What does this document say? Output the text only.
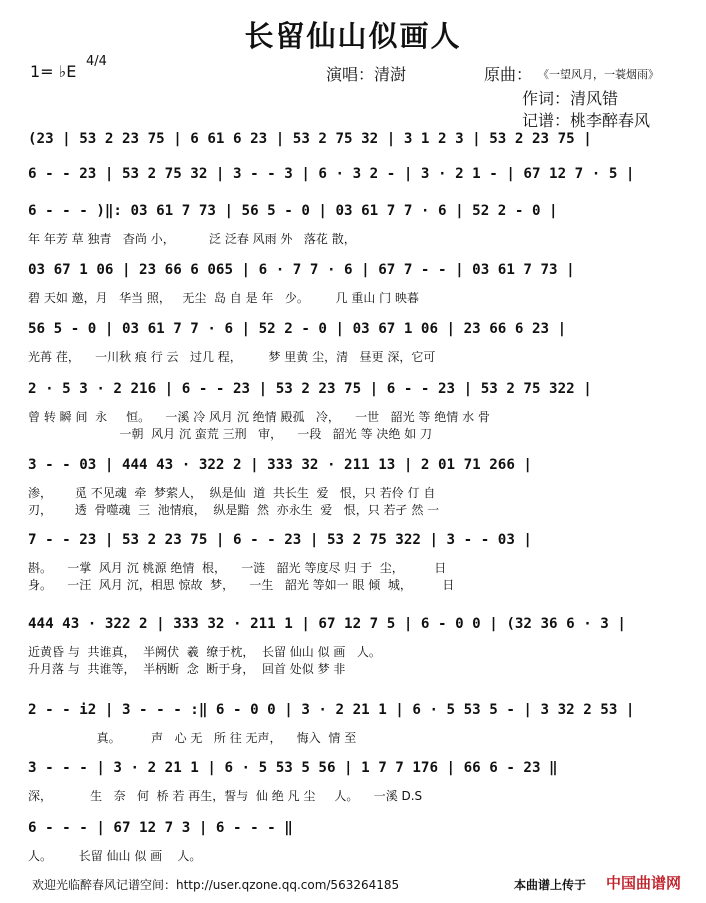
长留仙山似画人
1= ♭E
4/4
演唱：清澍	原曲： 《一望风月，一蓑烟雨》
作词：清风错
记谱：桃李醉春风
(23 | 53 2 23 75 | 6 61 6 23 | 53 2 75 32 | 3 1 2 3 | 53 2 23 75 |
6 - - 23 | 53 2 75 32 | 3 - - 3 | 6 · 3 2 - | 3 · 2 1 - | 67 12 7 · 5 |
6 - - - )‖: 03 61 7 73 | 56 5 - 0 | 03 61 7 7 · 6 | 52 2 - 0 |
年 年芳 草 独青   杳尚 小，         泛 泛春 风雨 外   落花 散，
03 67 1 06 | 23 66 6 065 | 6 · 7 7 · 6 | 67 7 - - | 03 61 7 73 |
碧 天如 邀，月   华当 照，   无尘  岛 自 是 年   少。       几 重山 门 映暮
56 5 - 0 | 03 61 7 7 · 6 | 52 2 - 0 | 03 67 1 06 | 23 66 6 23 |
光苒 荏，    一川秋 痕 行 云   过几 程，       梦 里黄 尘，清   昼更 深，它可
2 · 5 3 · 2 216 | 6 - - 23 | 53 2 23 75 | 6 - - 23 | 53 2 75 322 |
曾 转 瞬 间  永     恒。    一溪 冷 风月 沉 绝情 殿孤   冷，    一世   韶光 等 绝情 水 骨
一朝  风月 沉 蛮荒 三刑   审，    一段   韶光 等 决绝 如 刀
3 - - 03 | 444 43 · 322 2 | 333 32 · 211 13 | 2 01 71 266 |
渗，      觅 不见魂  牵  梦萦人，  纵是仙  道  共长生  爱   恨，只 若伶 仃 自
刃，      透  骨噬魂  三  池情痕，  纵是黯  然  亦永生  爱   恨，只 若孑 然 一
7 - - 23 | 53 2 23 75 | 6 - - 23 | 53 2 75 322 | 3 - - 03 |
斟。    一掌  风月 沉 桃源 绝情  根，    一涟   韶光 等度尽 归 于  尘，        日
身。    一汪  风月 沉，相思 惊故  梦，    一生   韶光 等如一 眼 倾  城，        日
444 43 · 322 2 | 333 32 · 211 1 | 67 12 7 5 | 6 - 0 0 | (32 36 6 · 3 |
近黄昏 与  共谁真，  半阙伏  羲  缭于枕，  长留 仙山 似 画   人。
升月落 与  共谁等，  半柄断  念  断于身，  回首 处似 梦 非
2 - - i2 | 3 - - - :‖ 6 - 0 0 | 3 · 2 21 1 | 6 · 5 53 5 - | 3 32 2 53 |
真。        声   心 无   所 往 无声，    悔入  情 至
3 - - - | 3 · 2 21 1 | 6 · 5 53 5 56 | 1 7 7 176 | 66 6 - 23 ‖
深，          生   奈   何  桥 若 再生，誓与  仙 绝 凡 尘     人。    一溪 D.S
6 - - - | 67 12 7 3 | 6 - - - ‖
人。       长留 仙山 似 画    人。
欢迎光临醉春风记谱空间：http://user.qzone.qq.com/563264185	本曲谱上传于 中国曲谱网
